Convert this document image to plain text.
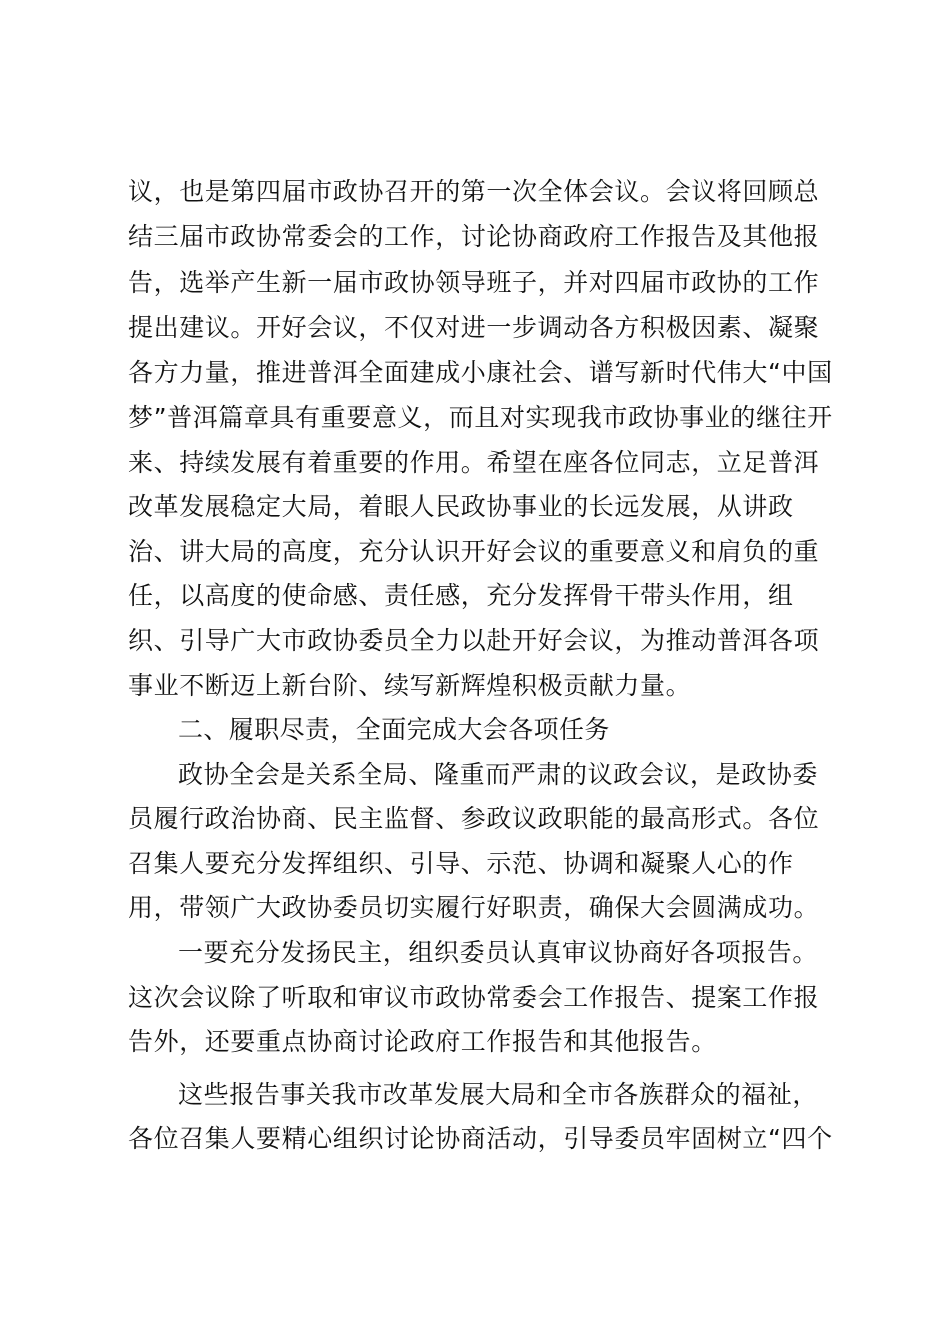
议，也是第四届市政协召开的第一次全体会议。会议将回顾总

结三届市政协常委会的工作，讨论协商政府工作报告及其他报

告，选举产生新一届市政协领导班子，并对四届市政协的工作

提出建议。开好会议，不仅对进一步调动各方积极因素、凝聚

各方力量，推进普洱全面建成小康社会、谱写新时代伟大“中国

梦”普洱篇章具有重要意义，而且对实现我市政协事业的继往开

来、持续发展有着重要的作用。希望在座各位同志，立足普洱

改革发展稳定大局，着眼人民政协事业的长远发展，从讲政

治、讲大局的高度，充分认识开好会议的重要意义和肩负的重

任，以高度的使命感、责任感，充分发挥骨干带头作用，组

织、引导广大市政协委员全力以赴开好会议，为推动普洱各项

事业不断迈上新台阶、续写新辉煌积极贡献力量。

二、履职尽责，全面完成大会各项任务

政协全会是关系全局、隆重而严肃的议政会议，是政协委

员履行政治协商、民主监督、参政议政职能的最高形式。各位

召集人要充分发挥组织、引导、示范、协调和凝聚人心的作

用，带领广大政协委员切实履行好职责，确保大会圆满成功。

一要充分发扬民主，组织委员认真审议协商好各项报告。

这次会议除了听取和审议市政协常委会工作报告、提案工作报

告外，还要重点协商讨论政府工作报告和其他报告。

这些报告事关我市改革发展大局和全市各族群众的福祉，

各位召集人要精心组织讨论协商活动，引导委员牢固树立“四个
